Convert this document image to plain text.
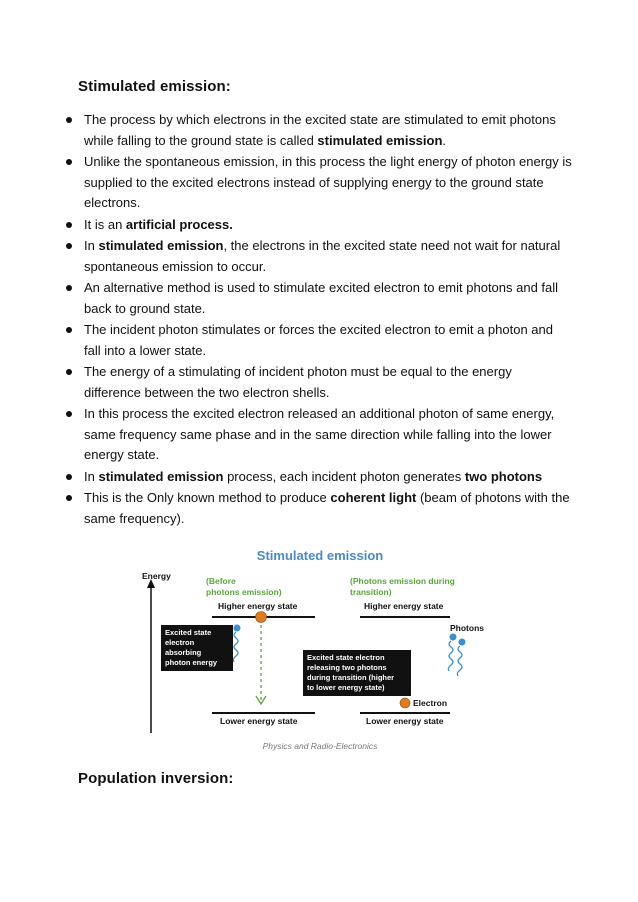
Stimulated emission:
The process by which electrons in the excited state are stimulated to emit photons while falling to the ground state is called stimulated emission.
Unlike the spontaneous emission, in this process the light energy of photon energy is supplied to the excited electrons instead of supplying energy to the ground state electrons.
It is an artificial process.
In stimulated emission, the electrons in the excited state need not wait for natural spontaneous emission to occur.
An alternative method is used to stimulate excited electron to emit photons and fall back to ground state.
The incident photon stimulates or forces the excited electron to emit a photon and fall into a lower state.
The energy of a stimulating of incident photon must be equal to the energy difference between the two electron shells.
In this process the excited electron released an additional photon of same energy, same frequency same phase and in the same direction while falling into the lower energy state.
In stimulated emission process, each incident photon generates two photons
This is the Only known method to produce coherent light (beam of photons with the same frequency).
Stimulated emission
Energy	(Before
photons emission)
(Photons emission during
transition)
Higher energy state	Higher energy state
Lower energy state	Lower energy state
Excited state
electron
absorbing
photon energy
Excited state electron
releasing two photons
during transition (higher
to lower energy state)
Photons
Electron
Physics and Radio-Electronics
Population inversion:
